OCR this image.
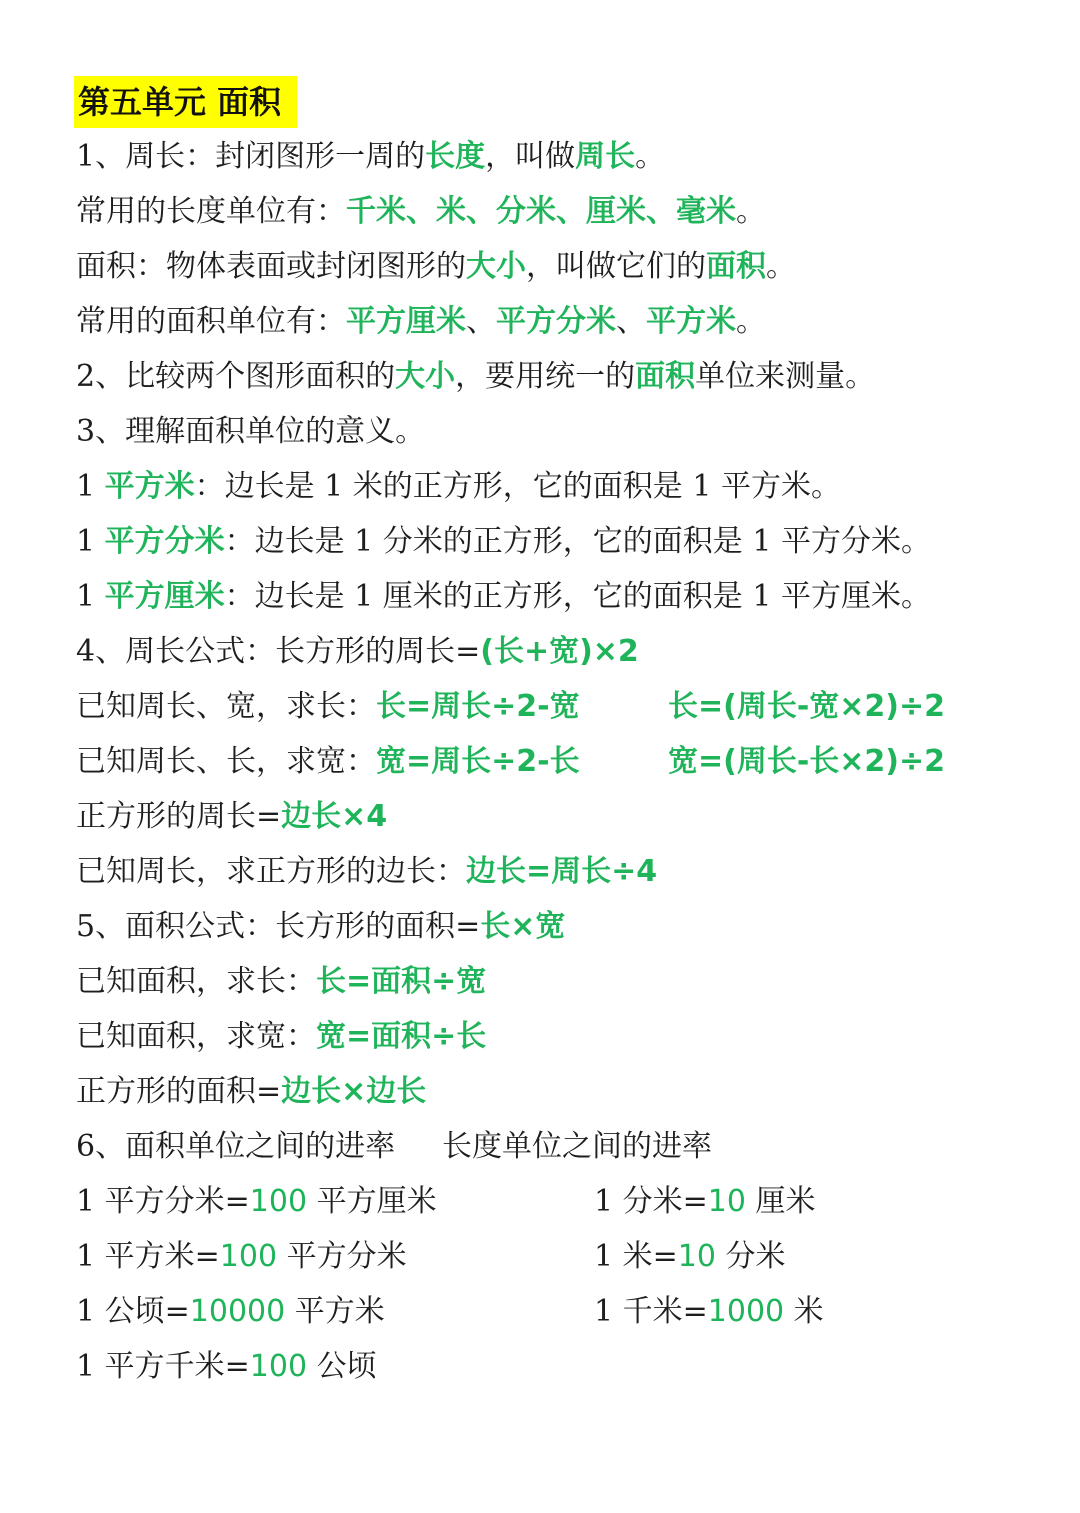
第五单元 面积
1、周长：封闭图形一周的长度，叫做周长。
常用的长度单位有：千米、米、分米、厘米、毫米。
面积：物体表面或封闭图形的大小，叫做它们的面积。
常用的面积单位有：平方厘米、平方分米、平方米。
2、比较两个图形面积的大小，要用统一的面积单位来测量。
3、理解面积单位的意义。
1 平方米：边长是 1 米的正方形，它的面积是 1 平方米。
1 平方分米：边长是 1 分米的正方形，它的面积是 1 平方分米。
1 平方厘米：边长是 1 厘米的正方形，它的面积是 1 平方厘米。
4、周长公式：长方形的周长=(长+宽)×2
已知周长、宽，求长：长=周长÷2-宽	长=(周长-宽×2)÷2
已知周长、长，求宽：宽=周长÷2-长	宽=(周长-长×2)÷2
正方形的周长=边长×4
已知周长，求正方形的边长：边长=周长÷4
5、面积公式：长方形的面积=长×宽
已知面积，求长：长=面积÷宽
已知面积，求宽：宽=面积÷长
正方形的面积=边长×边长
6、面积单位之间的进率 长度单位之间的进率
1 平方分米=100 平方厘米	1 分米=10 厘米
1 平方米=100 平方分米	1 米=10 分米
1 公顷=10000 平方米	1 千米=1000 米
1 平方千米=100 公顷
